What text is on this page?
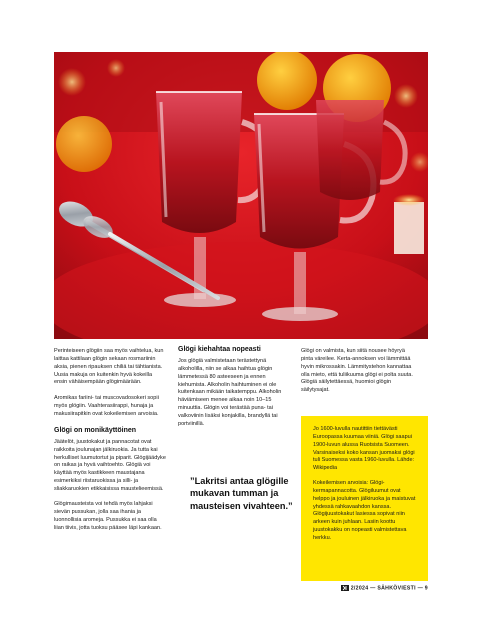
Perinteiseen glögiin saa myös vaihtelua, kun laittaa kattilaan glögin sekaan rosmariinin aksia, pienen ripauksen chiliä tai tähtianista. Uusia makuja on kuitenkin hyvä kokeilla ensin vähäisempään glögimäärään.

Aromikas fariini- tai muscovadosokeri sopii myös glögiin. Vaahterasiirappi, hunaja ja makusiirapitkin ovat kokeilemisen arvoisia.

Glögi on monikäyttöinen

Jäätelöt, juustokakut ja pannacotat ovat raikkoita joulunajan jälkiruokia. Ja tutta kai herkulliset luumutortut ja piparit. Glögijäädyke on raikas ja hyvä vaihtoehto. Glögiä voi käyttää myös kastikkeen maustajana esimerkiksi riistaruokissa ja silli- ja sliakkaruokien etikkaisissa maustelieemissä.

Glögimausteista voi tehdä myös lahjaksi sievän pussukan, jolla saa ihania ja luonnollisia aromeja. Pussukka ei saa olla liian tiivis, jotta tuoksu pääsee läpi kankaan.

Glögi kiehahtaa nopeasti

Jos glögiä valmistetaan terästettynä alkoholilla, niin se alkaa haihtua glögin lämmetessä 80 asteeseen ja ennen kiehumista. Alkoholin haihtuminen ei ole kuitenkaan mikään taikatemppu. Alkoholin häviämiseen menee aikaa noin 10–15 minuuttia. Glögin voi terästää puna- tai valkoviinin lisäksi konjakilla, brandyllä tai portviinillä.

”Lakritsi antaa glögille mukavan tumman ja mausteisen vivahteen.”

Glögi on valmista, kun siitä nousee höyryä pinta väreilee. Kerta-annoksen voi lämmittää hyvin mikrossakin. Lämmitystehon kannattaa olla mieto, että tuliikuuma glögi ei polta suuta. Glögiä säilytettäessä, huomioi glögin säilytysajat.

Jo 1600-luvulla nautittiin tiettävästi Euroopassa kuumaa viiniä. Glögi saapui 1900-luvun alussa Ruotsista Suomeen. Varsinaiseksi koko kansan juomaksi glögi tuli Suomessa vasta 1960-luvulla. Lähde: Wikipedia

Kokeilemisen arvoisia: Glögi-kermapannacotta. Glögiluumut ovat helppo ja jouluinen jälkiruoka ja maistuvat yhdessä rahkavaahdon kanssa. Glögijuustokakut lasiessa sopivat niin arkeen kuin juhlaan. Lasiin koottu juustokakku on nopeasti valmistettava herkku.

2/2024 — SÄHKÖVIESTI — 9
